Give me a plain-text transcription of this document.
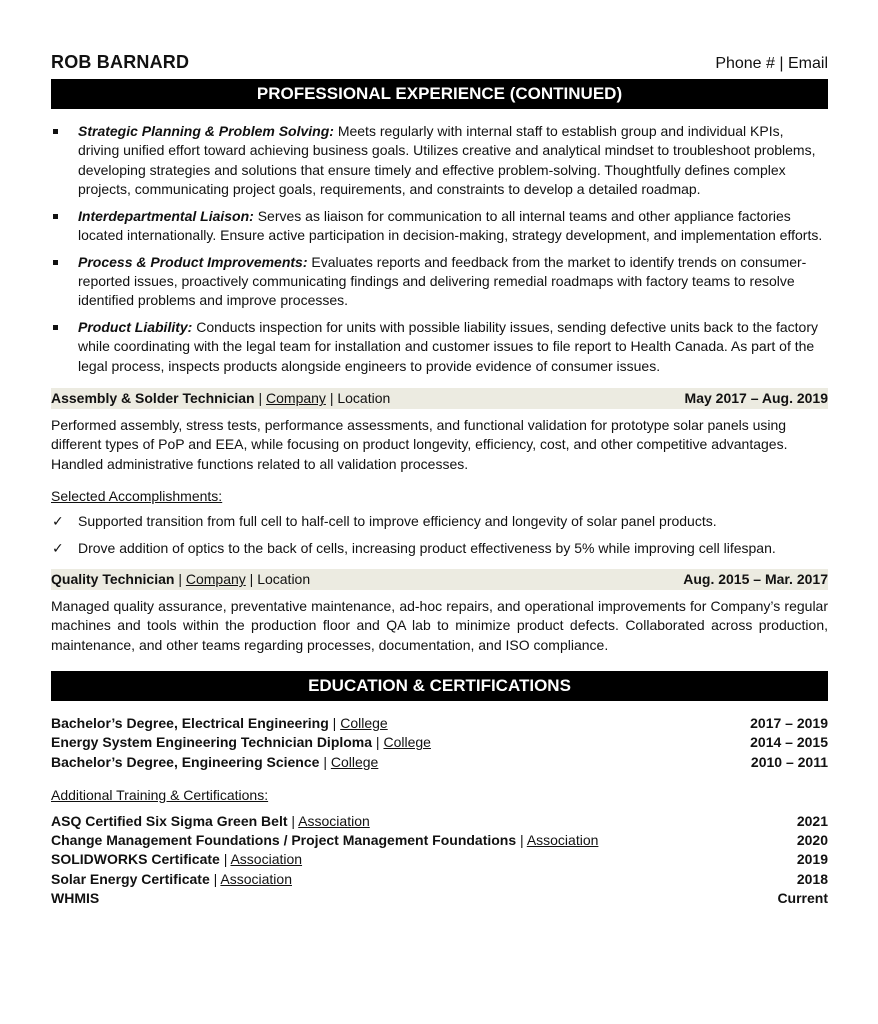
ROB BARNARD	Phone # | Email
PROFESSIONAL EXPERIENCE (CONTINUED)
Strategic Planning & Problem Solving: Meets regularly with internal staff to establish group and individual KPIs, driving unified effort toward achieving business goals. Utilizes creative and analytical mindset to troubleshoot problems, developing strategies and solutions that ensure timely and effective problem-solving. Thoughtfully defines complex projects, communicating project goals, requirements, and constraints to develop a detailed roadmap.
Interdepartmental Liaison: Serves as liaison for communication to all internal teams and other appliance factories located internationally. Ensure active participation in decision-making, strategy development, and implementation efforts.
Process & Product Improvements: Evaluates reports and feedback from the market to identify trends on consumer-reported issues, proactively communicating findings and delivering remedial roadmaps with factory teams to resolve identified problems and improve processes.
Product Liability: Conducts inspection for units with possible liability issues, sending defective units back to the factory while coordinating with the legal team for installation and customer issues to file report to Health Canada. As part of the legal process, inspects products alongside engineers to provide evidence of consumer issues.
Assembly & Solder Technician | Company | Location	May 2017 – Aug. 2019
Performed assembly, stress tests, performance assessments, and functional validation for prototype solar panels using different types of PoP and EEA, while focusing on product longevity, efficiency, cost, and other competitive advantages. Handled administrative functions related to all validation processes.
Selected Accomplishments:
✓ Supported transition from full cell to half-cell to improve efficiency and longevity of solar panel products.
✓ Drove addition of optics to the back of cells, increasing product effectiveness by 5% while improving cell lifespan.
Quality Technician | Company | Location	Aug. 2015 – Mar. 2017
Managed quality assurance, preventative maintenance, ad-hoc repairs, and operational improvements for Company’s regular machines and tools within the production floor and QA lab to minimize product defects. Collaborated across production, maintenance, and other teams regarding processes, documentation, and ISO compliance.
EDUCATION & CERTIFICATIONS
Bachelor’s Degree, Electrical Engineering | College	2017 – 2019
Energy System Engineering Technician Diploma | College	2014 – 2015
Bachelor’s Degree, Engineering Science | College	2010 – 2011
Additional Training & Certifications:
ASQ Certified Six Sigma Green Belt | Association	2021
Change Management Foundations / Project Management Foundations | Association	2020
SOLIDWORKS Certificate | Association	2019
Solar Energy Certificate | Association	2018
WHMIS	Current
